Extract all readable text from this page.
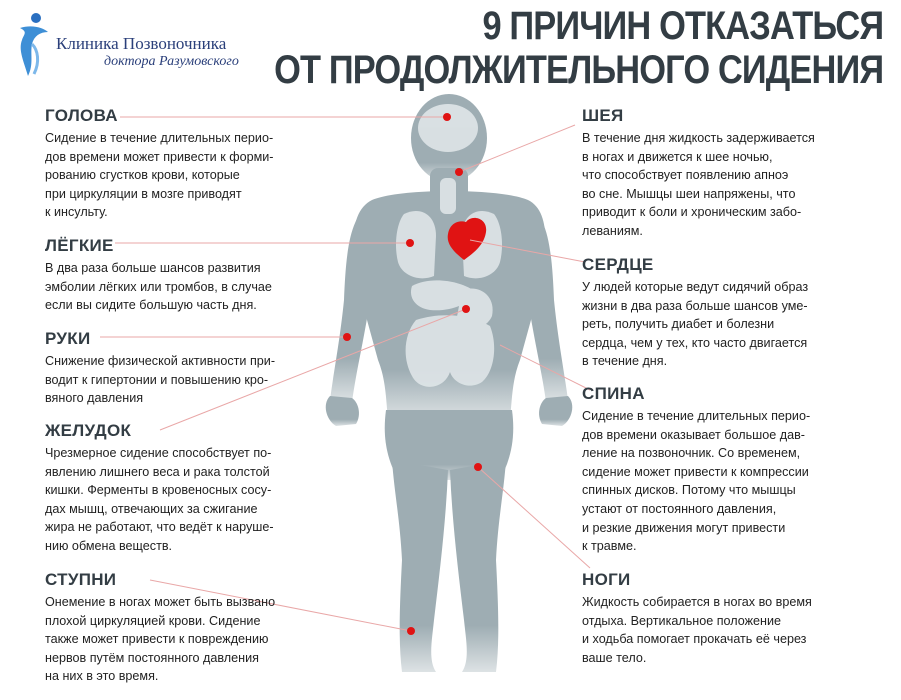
Клиника Позвоночника
доктора Разумовского
9 ПРИЧИН ОТКАЗАТЬСЯ
ОТ ПРОДОЛЖИТЕЛЬНОГО СИДЕНИЯ
ГОЛОВА

Сидение в течение длительных перио-
дов времени может привести к форми-
рованию сгустков крови, которые
при циркуляции в мозге приводят
к инсульту.

ЛЁГКИЕ

В два раза больше шансов развития
эмболии лёгких или тромбов, в случае
если вы сидите большую часть дня.

РУКИ

Снижение физической активности при-
водит к гипертонии и повышению кро-
вяного давления

ЖЕЛУДОК

Чрезмерное сидение способствует по-
явлению лишнего веса и рака толстой
кишки. Ферменты в кровеносных сосу-
дах мышц, отвечающих за сжигание
жира не работают, что ведёт к наруше-
нию обмена веществ.

СТУПНИ

Онемение в ногах может быть вызвано
плохой циркуляцией крови. Сидение
также может привести к повреждению
нервов путём постоянного давления
на них в это время.

ШЕЯ

В течение дня жидкость задерживается
в ногах и движется к шее ночью,
что способствует появлению апноэ
во сне. Мышцы шеи напряжены, что
приводит к боли и хроническим забо-
леваниям.

СЕРДЦЕ

У людей которые ведут сидячий образ
жизни в два раза больше шансов уме-
реть, получить диабет и болезни
сердца, чем у тех, кто часто двигается
в течение дня.

СПИНА

Сидение в течение длительных перио-
дов времени оказывает большое дав-
ление на позвоночник. Со временем,
сидение может привести к компрессии
спинных дисков. Потому что мышцы
устают от постоянного давления,
и резкие движения могут привести
к травме.

НОГИ

Жидкость собирается в ногах во время
отдыха. Вертикальное положение
и ходьба помогает прокачать её через
ваше тело.
